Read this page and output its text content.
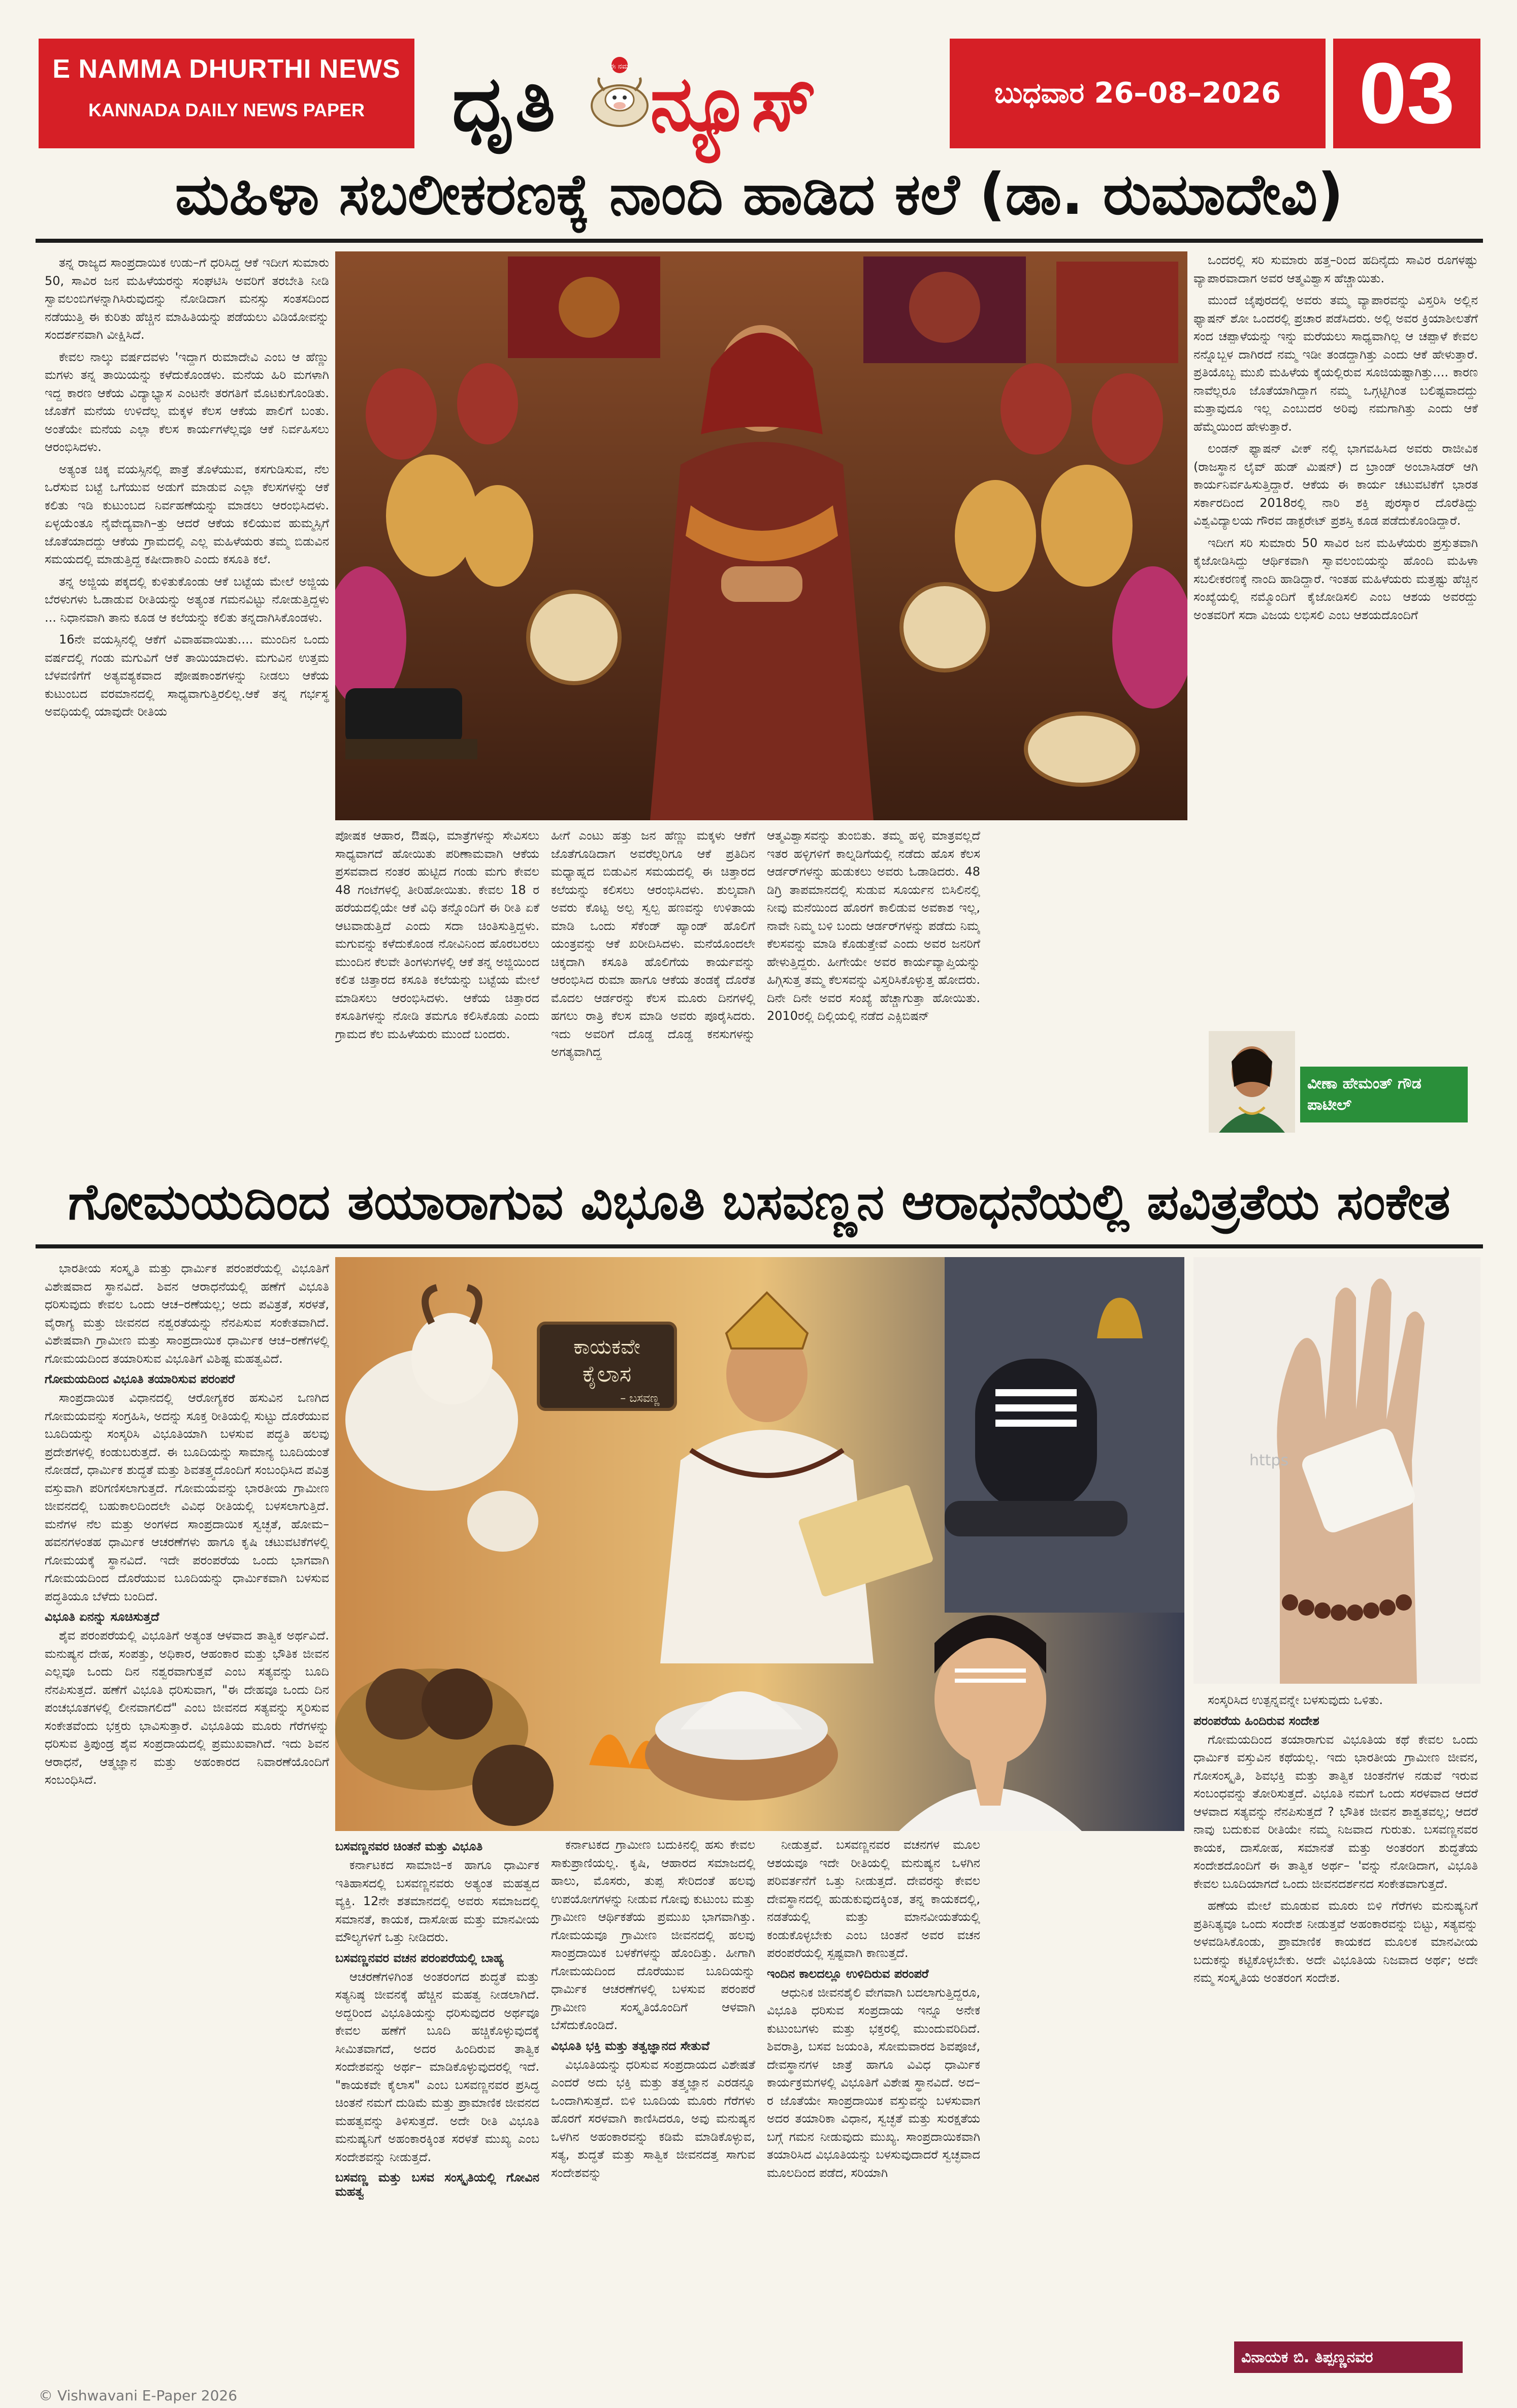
E NAMMA DHURTHI NEWS
KANNADA DAILY NEWS PAPER	ಧೃತಿ	ಈ ನಮ್ಮ ನ್ಯೂಸ್	ಬುಧವಾರ 26–08–2026 03
ಮಹಿಳಾ ಸಬಲೀಕರಣಕ್ಕೆ ನಾಂದಿ ಹಾಡಿದ ಕಲೆ (ಡಾ. ರುಮಾದೇವಿ)

ತನ್ನ ರಾಜ್ಯದ ಸಾಂಪ್ರದಾಯಿಕ ಉಡು–ಗೆ ಧರಿಸಿದ್ದ ಆಕೆ ಇದೀಗ ಸುಮಾರು 50, ಸಾವಿರ ಜನ ಮಹಿಳೆಯರನ್ನು ಸಂಘಟಿಸಿ ಅವರಿಗೆ ತರಬೇತಿ ನೀಡಿ ಸ್ವಾವಲಂಬಿಗಳನ್ನಾಗಿಸಿರುವುದನ್ನು ನೋಡಿದಾಗ ಮನಸ್ಸು ಸಂತಸದಿಂದ ನಡೆಯುತ್ತಿ ಈ ಕುರಿತು ಹೆಚ್ಚಿನ ಮಾಹಿತಿಯನ್ನು ಪಡೆಯಲು ವಿಡಿಯೋವನ್ನು ಸಂದರ್ಶನವಾಗಿ ವೀಕ್ಷಿಸಿದೆ.

ಕೇವಲ ನಾಲ್ಕು ವರ್ಷದವಳು 'ಇದ್ದಾಗ ರುಮಾದೇವಿ ಎಂಬ ಆ ಹೆಣ್ಣು ಮಗಳು ತನ್ನ ತಾಯಿಯನ್ನು ಕಳೆದುಕೊಂಡಳು. ಮನೆಯ ಹಿರಿ ಮಗಳಾಗಿ ಇದ್ದ ಕಾರಣ ಆಕೆಯ ವಿದ್ಯಾಭ್ಯಾಸ ಎಂಟನೇ ತರಗತಿಗೆ ಮೊಟಕುಗೊಂಡಿತು. ಜೊತೆಗೆ ಮನೆಯ ಉಳಿದೆಲ್ಲ ಮಕ್ಕಳ ಕೆಲಸ ಆಕೆಯ ಪಾಲಿಗೆ ಬಂತು. ಅಂತೆಯೇ ಮನೆಯ ಎಲ್ಲಾ ಕೆಲಸ ಕಾರ್ಯಗಳೆಲ್ಲವೂ ಆಕೆ ನಿರ್ವಹಿಸಲು ಆರಂಭಿಸಿದಳು.

ಅತ್ಯಂತ ಚಿಕ್ಕ ವಯಸ್ಸಿನಲ್ಲಿ ಪಾತ್ರೆ ತೊಳೆಯುವ, ಕಸಗುಡಿಸುವ, ನೆಲ ಒರೆಸುವ ಬಟ್ಟೆ ಒಗೆಯುವ ಅಡುಗೆ ಮಾಡುವ ಎಲ್ಲಾ ಕೆಲಸಗಳನ್ನು ಆಕೆ ಕಲಿತು ಇಡಿ ಕುಟುಂಬದ ನಿರ್ವಹಣೆಯನ್ನು ಮಾಡಲು ಆರಂಭಿಸಿದಳು. ಏಳ್ಳಯೆಂತೂ ನೈವೇದ್ಯವಾಗಿ–ತ್ತು ಆದರೆ ಆಕೆಯ ಕಲಿಯುವ ಹುಮ್ಮಸ್ಸಿಗೆ ಜೊತೆಯಾದದ್ದು ಆಕೆಯ ಗ್ರಾಮದಲ್ಲಿ ಎಲ್ಲ ಮಹಿಳೆಯರು ತಮ್ಮ ಬಿಡುವಿನ ಸಮಯದಲ್ಲಿ ಮಾಡುತ್ತಿದ್ದ ಕಷೀದಾಕಾರಿ ಎಂದು ಕಸೂತಿ ಕಲೆ.

ತನ್ನ ಅಜ್ಜಿಯ ಪಕ್ಕದಲ್ಲಿ ಕುಳಿತುಕೊಂಡು ಆಕೆ ಬಟ್ಟೆಯ ಮೇಲೆ ಅಜ್ಜಿಯ ಬೆರಳುಗಳು ಓಡಾಡುವ ರೀತಿಯನ್ನು ಅತ್ಯಂತ ಗಮನವಿಟ್ಟು ನೋಡುತ್ತಿದ್ದಳು ... ನಿಧಾನವಾಗಿ ತಾನು ಕೂಡ ಆ ಕಲೆಯನ್ನು ಕಲಿತು ತನ್ನದಾಗಿಸಿಕೊಂಡಳು.

16ನೇ ವಯಸ್ಸಿನಲ್ಲಿ ಆಕೆಗೆ ವಿವಾಹವಾಯಿತು.... ಮುಂದಿನ ಒಂದು ವರ್ಷದಲ್ಲಿ ಗಂಡು ಮಗುವಿಗೆ ಆಕೆ ತಾಯಿಯಾದಳು. ಮಗುವಿನ ಉತ್ತಮ ಬೆಳವಣಿಗೆಗೆ ಅತ್ಯವಶ್ಯಕವಾದ ಪೋಷಕಾಂಶಗಳನ್ನು ನೀಡಲು ಆಕೆಯ ಕುಟುಂಬದ ವರಮಾನದಲ್ಲಿ ಸಾಧ್ಯವಾಗುತ್ತಿರಲಿಲ್ಲ.ಆಕೆ ತನ್ನ ಗರ್ಭಸ್ಥ ಅವಧಿಯಲ್ಲಿ ಯಾವುದೇ ರೀತಿಯ

ಪೋಷಕ ಆಹಾರ, ಔಷಧಿ, ಮಾತ್ರೆಗಳನ್ನು ಸೇವಿಸಲು ಸಾಧ್ಯವಾಗದೆ ಹೋಯಿತು ಪರಿಣಾಮವಾಗಿ ಆಕೆಯ ಪ್ರಸವವಾದ ನಂತರ ಹುಟ್ಟಿದ ಗಂಡು ಮಗು ಕೇವಲ 48 ಗಂಟೆಗಳಲ್ಲಿ ತೀರಿಹೋಯಿತು. ಕೇವಲ 18 ರ ಹರೆಯದಲ್ಲಿಯೇ ಆಕೆ ವಿಧಿ ತನ್ನೊಂದಿಗೆ ಈ ರೀತಿ ಏಕೆ ಆಟವಾಡುತ್ತಿದೆ ಎಂದು ಸದಾ ಚಿಂತಿಸುತ್ತಿದ್ದಳು. ಮಗುವನ್ನು ಕಳೆದುಕೊಂಡ ನೋವಿನಿಂದ ಹೊರಬರಲು ಮುಂದಿನ ಕೆಲವೇ ತಿಂಗಳುಗಳಲ್ಲಿ ಆಕೆ ತನ್ನ ಅಜ್ಜಿಯಿಂದ ಕಲಿತ ಚಿತ್ತಾರದ ಕಸೂತಿ ಕಲೆಯನ್ನು ಬಟ್ಟೆಯ ಮೇಲೆ ಮಾಡಿಸಲು ಆರಂಭಿಸಿದಳು. ಆಕೆಯ ಚಿತ್ತಾರದ ಕಸೂತಿಗಳನ್ನು ನೋಡಿ ತಮಗೂ ಕಲಿಸಿಕೊಡು ಎಂದು ಗ್ರಾಮದ ಕೆಲ ಮಹಿಳೆಯರು ಮುಂದೆ ಬಂದರು.
ಹೀಗೆ ಎಂಟು ಹತ್ತು ಜನ ಹೆಣ್ಣು ಮಕ್ಕಳು ಆಕೆಗೆ ಜೊತೆಗೂಡಿದಾಗ ಅವರೆಲ್ಲರಿಗೂ ಆಕೆ ಪ್ರತಿದಿನ ಮಧ್ಯಾಹ್ನದ ಬಿಡುವಿನ ಸಮಯದಲ್ಲಿ ಈ ಚಿತ್ತಾರದ ಕಲೆಯನ್ನು ಕಲಿಸಲು ಆರಂಭಿಸಿದಳು. ಶುಲ್ಕವಾಗಿ ಅವರು ಕೊಟ್ಟ ಅಲ್ಪ ಸ್ವಲ್ಪ ಹಣವನ್ನು ಉಳಿತಾಯ ಮಾಡಿ ಒಂದು ಸೆಕೆಂಡ್ ಹ್ಯಾಂಡ್ ಹೊಲಿಗೆ ಯಂತ್ರವನ್ನು ಆಕೆ ಖರೀದಿಸಿದಳು. ಮನೆಯೊಂದಲೇ ಚಿಕ್ಕದಾಗಿ ಕಸೂತಿ ಹೊಲಿಗೆಯ ಕಾರ್ಯವನ್ನು ಆರಂಭಿಸಿದ ರುಮಾ ಹಾಗೂ ಆಕೆಯ ತಂಡಕ್ಕೆ ದೊರೆತ ಮೊದಲ ಆರ್ಡರನ್ನು ಕೆಲಸ ಮೂರು ದಿನಗಳಲ್ಲಿ ಹಗಲು ರಾತ್ರಿ ಕೆಲಸ ಮಾಡಿ ಅವರು ಪೂರೈಸಿದರು. ಇದು ಅವರಿಗೆ ದೊಡ್ಡ ದೊಡ್ಡ ಕನಸುಗಳನ್ನು ಅಗತ್ಯವಾಗಿದ್ದ
ಆತ್ಮವಿಶ್ವಾಸವನ್ನು ತುಂಬಿತು. ತಮ್ಮ ಹಳ್ಳಿ ಮಾತ್ರವಲ್ಲದೆ ಇತರ ಹಳ್ಳಿಗಳಿಗೆ ಕಾಲ್ನಡಿಗೆಯಲ್ಲಿ ನಡೆದು ಹೊಸ ಕೆಲಸ ಆರ್ಡರ್‌ಗಳನ್ನು ಹುಡುಕಲು ಅವರು ಓಡಾಡಿದರು. 48 ಡಿಗ್ರಿ ತಾಪಮಾನದಲ್ಲಿ ಸುಡುವ ಸೂರ್ಯನ ಬಿಸಿಲಿನಲ್ಲಿ ನೀವು ಮನೆಯಿಂದ ಹೊರಗೆ ಕಾಲಿಡುವ ಅವಕಾಶ ಇಲ್ಲ, ನಾವೇ ನಿಮ್ಮ ಬಳಿ ಬಂದು ಆರ್ಡರ್‌ಗಳನ್ನು ಪಡೆದು ನಿಮ್ಮ ಕೆಲಸವನ್ನು ಮಾಡಿ ಕೊಡುತ್ತೇವೆ ಎಂದು ಅವರ ಜನರಿಗೆ ಹೇಳುತ್ತಿದ್ದರು. ಹೀಗೇಯೇ ಅವರ ಕಾರ್ಯವ್ಯಾಪ್ತಿಯನ್ನು ಹಿಗ್ಗಿಸುತ್ತ ತಮ್ಮ ಕೆಲಸವನ್ನು ವಿಸ್ತರಿಸಿಕೊಳ್ಳುತ್ತ ಹೋದರು. ದಿನೇ ದಿನೇ ಅವರ ಸಂಖ್ಯೆ ಹೆಚ್ಚಾಗುತ್ತಾ ಹೋಯಿತು. 2010ರಲ್ಲಿ ದಿಲ್ಲಿಯಲ್ಲಿ ನಡೆದ ಎಕ್ಸಿಬಿಷನ್

ಒಂದರಲ್ಲಿ ಸರಿ ಸುಮಾರು ಹತ್ತ–ರಿಂದ ಹದಿನೈದು ಸಾವಿರ ರೂಗಳಷ್ಟು ವ್ಯಾಪಾರವಾದಾಗ ಅವರ ಆತ್ಮವಿಶ್ವಾಸ ಹೆಚ್ಚಾಯಿತು.

ಮುಂದೆ ಜೈಪುರದಲ್ಲಿ ಅವರು ತಮ್ಮ ವ್ಯಾಪಾರವನ್ನು ವಿಸ್ತರಿಸಿ ಅಲ್ಲಿನ ಫ್ಯಾಷನ್ ಶೋ ಒಂದರಲ್ಲಿ ಪ್ರಚಾರ ಪಡೆಸಿದರು. ಅಲ್ಲಿ ಅವರ ಕ್ರಿಯಾಶೀಲತೆಗೆ ಸಂದ ಚಪ್ಪಾಳೆಯನ್ನು ಇನ್ನು ಮರೆಯಲು ಸಾಧ್ಯವಾಗಿಲ್ಲ ಆ ಚಪ್ಪಾಳೆ ಕೇವಲ ನನ್ನೊಬ್ಬಳ ದಾಗಿರದೆ ನಮ್ಮ ಇಡೀ ತಂಡದ್ದಾಗಿತ್ತು ಎಂದು ಆಕೆ ಹೇಳುತ್ತಾರೆ. ಪ್ರತಿಯೊಬ್ಬ ಮುಖಿ ಮಹಿಳೆಯ ಕೈಯಲ್ಲಿರುವ ಸೂಜಿಯಷ್ಟಾಗಿತ್ತು.... ಕಾರಣ ನಾವೆಲ್ಲರೂ ಜೊತೆಯಾಗಿದ್ದಾಗ ನಮ್ಮ ಒಗ್ಗಟ್ಟಿಗಿಂತ ಬಲಿಷ್ಟವಾದದ್ದು ಮತ್ತಾವುದೂ ಇಲ್ಲ ಎಂಬುದರ ಅರಿವು ನಮಗಾಗಿತ್ತು ಎಂದು ಆಕೆ ಹೆಮ್ಮೆಯಿಂದ ಹೇಳುತ್ತಾರೆ.

ಲಂಡನ್ ಫ್ಯಾಷನ್ ವೀಕ್ ನಲ್ಲಿ ಭಾಗವಹಿಸಿದ ಅವರು ರಾಜೀವಿಕ (ರಾಜಸ್ಥಾನ ಲೈವ್ ಹುಡ್ ಮಿಷನ್) ದ ಬ್ರಾಂಡ್ ಅಂಬಾಸಿಡರ್ ಆಗಿ ಕಾರ್ಯನಿರ್ವಹಿಸುತ್ತಿದ್ದಾರೆ. ಆಕೆಯ ಈ ಕಾರ್ಯ ಚಟುವಟಿಕೆಗೆ ಭಾರತ ಸರ್ಕಾರದಿಂದ 2018ರಲ್ಲಿ ನಾರಿ ಶಕ್ತಿ ಪುರಸ್ಕಾರ ದೊರೆತಿದ್ದು ವಿಶ್ವವಿದ್ಯಾಲಯ ಗೌರವ ಡಾಕ್ಟರೇಟ್ ಪ್ರಶಸ್ತಿ ಕೂಡ ಪಡೆದುಕೊಂಡಿದ್ದಾರೆ.

ಇದೀಗ ಸರಿ ಸುಮಾರು 50 ಸಾವಿರ ಜನ ಮಹಿಳೆಯರು ಪ್ರಸ್ತುತವಾಗಿ ಕೈಜೋಡಿಸಿದ್ದು ಆರ್ಥಿಕವಾಗಿ ಸ್ವಾವಲಂಬಿಯನ್ನು ಹೊಂದಿ ಮಹಿಳಾ ಸಬಲೀಕರಣಕ್ಕೆ ನಾಂದಿ ಹಾಡಿದ್ದಾರೆ. ಇಂತಹ ಮಹಿಳೆಯರು ಮತ್ತಷ್ಟು ಹೆಚ್ಚಿನ ಸಂಖ್ಯೆಯಲ್ಲಿ ನಮ್ಮೊಂದಿಗೆ ಕೈಜೋಡಿಸಲಿ ಎಂಬ ಆಶಯ ಅವರದ್ದು ಅಂತವರಿಗೆ ಸದಾ ವಿಜಯ ಲಭಿಸಲಿ ಎಂಬ ಆಶಯದೊಂದಿಗೆ

ವೀಣಾ ಹೇಮಂತ್ ಗೌಡ ಪಾಟೀಲ್
ಗೋಮಯದಿಂದ ತಯಾರಾಗುವ ವಿಭೂತಿ ಬಸವಣ್ಣನ ಆರಾಧನೆಯಲ್ಲಿ ಪವಿತ್ರತೆಯ ಸಂಕೇತ

ಭಾರತೀಯ ಸಂಸ್ಕೃತಿ ಮತ್ತು ಧಾರ್ಮಿಕ ಪರಂಪರೆಯಲ್ಲಿ ವಿಭೂತಿಗೆ ವಿಶೇಷವಾದ ಸ್ಥಾನವಿದೆ. ಶಿವನ ಆರಾಧನೆಯಲ್ಲಿ ಹಣೆಗೆ ವಿಭೂತಿ ಧರಿಸುವುದು ಕೇವಲ ಒಂದು ಆಚ–ರಣೆಯಲ್ಲ; ಅದು ಪವಿತ್ರತೆ, ಸರಳತೆ, ವೈರಾಗ್ಯ ಮತ್ತು ಜೀವನದ ನಶ್ವರತೆಯನ್ನು ನೆನಪಿಸುವ ಸಂಕೇತವಾಗಿದೆ. ವಿಶೇಷವಾಗಿ ಗ್ರಾಮೀಣ ಮತ್ತು ಸಾಂಪ್ರದಾಯಿಕ ಧಾರ್ಮಿಕ ಆಚ–ರಣೆಗಳಲ್ಲಿ ಗೋಮಯದಿಂದ ತಯಾರಿಸುವ ವಿಭೂತಿಗೆ ವಿಶಿಷ್ಟ ಮಹತ್ವವಿದೆ.

ಗೋಮಯದಿಂದ ವಿಭೂತಿ ತಯಾರಿಸುವ ಪರಂಪರೆ

ಸಾಂಪ್ರದಾಯಿಕ ವಿಧಾನದಲ್ಲಿ ಆರೋಗ್ಯಕರ ಹಸುವಿನ ಒಣಗಿದ ಗೋಮಯವನ್ನು ಸಂಗ್ರಹಿಸಿ, ಅದನ್ನು ಸೂಕ್ತ ರೀತಿಯಲ್ಲಿ ಸುಟ್ಟು ದೊರೆಯುವ ಬೂದಿಯನ್ನು ಸಂಸ್ಕರಿಸಿ ವಿಭೂತಿಯಾಗಿ ಬಳಸುವ ಪದ್ಧತಿ ಹಲವು ಪ್ರದೇಶಗಳಲ್ಲಿ ಕಂಡುಬರುತ್ತದೆ. ಈ ಬೂದಿಯನ್ನು ಸಾಮಾನ್ಯ ಬೂದಿಯಂತೆ ನೋಡದೆ, ಧಾರ್ಮಿಕ ಶುದ್ಧತೆ ಮತ್ತು ಶಿವತತ್ತ್ವದೊಂದಿಗೆ ಸಂಬಂಧಿಸಿದ ಪವಿತ್ರ ವಸ್ತುವಾಗಿ ಪರಿಗಣಿಸಲಾಗುತ್ತದೆ. ಗೋಮಯವನ್ನು ಭಾರತೀಯ ಗ್ರಾಮೀಣ ಜೀವನದಲ್ಲಿ ಬಹುಕಾಲದಿಂದಲೇ ವಿವಿಧ ರೀತಿಯಲ್ಲಿ ಬಳಸಲಾಗುತ್ತಿದೆ. ಮನೆಗಳ ನೆಲ ಮತ್ತು ಅಂಗಳದ ಸಾಂಪ್ರದಾಯಿಕ ಸ್ವಚ್ಛತೆ, ಹೋಮ–ಹವನಗಳಂತಹ ಧಾರ್ಮಿಕ ಆಚರಣೆಗಳು ಹಾಗೂ ಕೃಷಿ ಚಟುವಟಿಕೆಗಳಲ್ಲಿ ಗೋಮಯಕ್ಕೆ ಸ್ಥಾನವಿದೆ. ಇದೇ ಪರಂಪರೆಯ ಒಂದು ಭಾಗವಾಗಿ ಗೋಮಯದಿಂದ ದೊರೆಯುವ ಬೂದಿಯನ್ನು ಧಾರ್ಮಿಕವಾಗಿ ಬಳಸುವ ಪದ್ಧತಿಯೂ ಬೆಳೆದು ಬಂದಿದೆ.

ವಿಭೂತಿ ಏನನ್ನು ಸೂಚಿಸುತ್ತದೆ

ಶೈವ ಪರಂಪರೆಯಲ್ಲಿ ವಿಭೂತಿಗೆ ಅತ್ಯಂತ ಆಳವಾದ ತಾತ್ವಿಕ ಅರ್ಥವಿದೆ. ಮನುಷ್ಯನ ದೇಹ, ಸಂಪತ್ತು, ಅಧಿಕಾರ, ಆಹಂಕಾರ ಮತ್ತು ಭೌತಿಕ ಜೀವನ ಎಲ್ಲವೂ ಒಂದು ದಿನ ನಶ್ವರವಾಗುತ್ತವೆ ಎಂಬ ಸತ್ಯವನ್ನು ಬೂದಿ ನೆನಪಿಸುತ್ತದೆ. ಹಣೆಗೆ ವಿಭೂತಿ ಧರಿಸುವಾಗ, "ಈ ದೇಹವೂ ಒಂದು ದಿನ ಪಂಚಭೂತಗಳಲ್ಲಿ ಲೀನವಾಗಲಿದೆ" ಎಂಬ ಜೀವನದ ಸತ್ಯವನ್ನು ಸ್ಮರಿಸುವ ಸಂಕೇತವೆಂದು ಭಕ್ತರು ಭಾವಿಸುತ್ತಾರೆ. ವಿಭೂತಿಯ ಮೂರು ಗೆರೆಗಳನ್ನು ಧರಿಸುವ ತ್ರಿಪುಂಡ್ರ ಶೈವ ಸಂಪ್ರದಾಯದಲ್ಲಿ ಪ್ರಮುಖವಾಗಿದೆ. ಇದು ಶಿವನ ಆರಾಧನೆ, ಆತ್ಮಜ್ಞಾನ ಮತ್ತು ಅಹಂಕಾರದ ನಿವಾರಣೆಯೊಂದಿಗೆ ಸಂಬಂಧಿಸಿದೆ.

ಕಾಯಕವೇ
ಕೈಲಾಸ
– ಬಸವಣ್ಣ
https
ಬಸವಣ್ಣನವರ ಚಿಂತನೆ ಮತ್ತು ವಿಭೂತಿ

ಕರ್ನಾಟಕದ ಸಾಮಾಜಿ–ಕ ಹಾಗೂ ಧಾರ್ಮಿಕ ಇತಿಹಾಸದಲ್ಲಿ ಬಸವಣ್ಣನವರು ಅತ್ಯಂತ ಮಹತ್ವದ ವ್ಯಕ್ತಿ. 12ನೇ ಶತಮಾನದಲ್ಲಿ ಅವರು ಸಮಾಜದಲ್ಲಿ ಸಮಾನತೆ, ಕಾಯಕ, ದಾಸೋಹ ಮತ್ತು ಮಾನವೀಯ ಮೌಲ್ಯಗಳಿಗೆ ಒತ್ತು ನೀಡಿದರು.

ಬಸವಣ್ಣನವರ ವಚನ ಪರಂಪರೆಯಲ್ಲಿ ಬಾಹ್ಯ

ಆಚರಣೆಗಳಿಗಿಂತ ಅಂತರಂಗದ ಶುದ್ಧತೆ ಮತ್ತು ಸತ್ಯನಿಷ್ಠ ಜೀವನಕ್ಕೆ ಹೆಚ್ಚಿನ ಮಹತ್ವ ನೀಡಲಾಗಿದೆ. ಅದ್ದರಿಂದ ವಿಭೂತಿಯನ್ನು ಧರಿಸುವುದರ ಅರ್ಥವೂ ಕೇವಲ ಹಣೆಗೆ ಬೂದಿ ಹಚ್ಚಿಕೊಳ್ಳುವುದಕ್ಕೆ ಸೀಮಿತವಾಗದೆ, ಅದರ ಹಿಂದಿರುವ ತಾತ್ವಿಕ ಸಂದೇಶವನ್ನು ಅರ್ಥ– ಮಾಡಿಕೊಳ್ಳುವುದರಲ್ಲಿ ಇದೆ. "ಕಾಯಕವೇ ಕೈಲಾಸ" ಎಂಬ ಬಸವಣ್ಣನವರ ಪ್ರಸಿದ್ಧ ಚಿಂತನೆ ನಮಗೆ ದುಡಿಮೆ ಮತ್ತು ಪ್ರಾಮಾಣಿಕ ಜೀವನದ ಮಹತ್ವವನ್ನು ತಿಳಿಸುತ್ತದೆ. ಅದೇ ರೀತಿ ವಿಭೂತಿ ಮನುಷ್ಯನಿಗೆ ಅಹಂಕಾರಕ್ಕಿಂತ ಸರಳತೆ ಮುಖ್ಯ ಎಂಬ ಸಂದೇಶವನ್ನು ನೀಡುತ್ತದೆ.

ಬಸವಣ್ಣ ಮತ್ತು ಬಸವ ಸಂಸ್ಕೃತಿಯಲ್ಲಿ ಗೋವಿನ ಮಹತ್ವ

ಕರ್ನಾಟಕದ ಗ್ರಾಮೀಣ ಬದುಕಿನಲ್ಲಿ ಹಸು ಕೇವಲ ಸಾಕುಪ್ರಾಣಿಯಲ್ಲ. ಕೃಷಿ, ಆಹಾರದ ಸಮಾಜದಲ್ಲಿ ಹಾಲು, ಮೊಸರು, ತುಪ್ಪ ಸೇರಿದಂತೆ ಹಲವು ಉಪಯೋಗಗಳನ್ನು ನೀಡುವ ಗೋವು ಕುಟುಂಬ ಮತ್ತು ಗ್ರಾಮೀಣ ಆರ್ಥಿಕತೆಯ ಪ್ರಮುಖ ಭಾಗವಾಗಿತ್ತು. ಗೋಮಯವೂ ಗ್ರಾಮೀಣ ಜೀವನದಲ್ಲಿ ಹಲವು ಸಾಂಪ್ರದಾಯಿಕ ಬಳಕೆಗಳನ್ನು ಹೊಂದಿತ್ತು. ಹೀಗಾಗಿ ಗೋಮಯದಿಂದ ದೊರೆಯುವ ಬೂದಿಯನ್ನು ಧಾರ್ಮಿಕ ಆಚರಣೆಗಳಲ್ಲಿ ಬಳಸುವ ಪರಂಪರೆ ಗ್ರಾಮೀಣ ಸಂಸ್ಕೃತಿಯೊಂದಿಗೆ ಆಳವಾಗಿ ಬೆಸೆದುಕೊಂಡಿದೆ.

ವಿಭೂತಿ ಭಕ್ತಿ ಮತ್ತು ತತ್ವಜ್ಞಾನದ ಸೇತುವೆ

ವಿಭೂತಿಯನ್ನು ಧರಿಸುವ ಸಂಪ್ರದಾಯದ ವಿಶೇಷತೆ ಎಂದರೆ ಅದು ಭಕ್ತಿ ಮತ್ತು ತತ್ತ್ವಜ್ಞಾನ ಎರಡನ್ನೂ ಒಂದಾಗಿಸುತ್ತದೆ. ಬಿಳಿ ಬೂದಿಯ ಮೂರು ಗೆರೆಗಳು ಹೊರಗೆ ಸರಳವಾಗಿ ಕಾಣಿಸಿದರೂ, ಅವು ಮನುಷ್ಯನ ಒಳಗಿನ ಅಹಂಕಾರವನ್ನು ಕಡಿಮೆ ಮಾಡಿಕೊಳ್ಳುವ, ಸತ್ಯ, ಶುದ್ಧತೆ ಮತ್ತು ಸಾತ್ವಿಕ ಜೀವನದತ್ತ ಸಾಗುವ ಸಂದೇಶವನ್ನು

ನೀಡುತ್ತವೆ. ಬಸವಣ್ಣನವರ ವಚನಗಳ ಮೂಲ ಆಶಯವೂ ಇದೇ ರೀತಿಯಲ್ಲಿ ಮನುಷ್ಯನ ಒಳಗಿನ ಪರಿವರ್ತನೆಗೆ ಒತ್ತು ನೀಡುತ್ತದೆ. ದೇವರನ್ನು ಕೇವಲ ದೇವಸ್ಥಾನದಲ್ಲಿ ಹುಡುಕುವುದಕ್ಕಿಂತ, ತನ್ನ ಕಾಯಕದಲ್ಲಿ, ನಡತೆಯಲ್ಲಿ ಮತ್ತು ಮಾನವೀಯತೆಯಲ್ಲಿ ಕಂಡುಕೊಳ್ಳಬೇಕು ಎಂಬ ಚಿಂತನೆ ಅವರ ವಚನ ಪರಂಪರೆಯಲ್ಲಿ ಸ್ಪಷ್ಟವಾಗಿ ಕಾಣುತ್ತದೆ.

ಇಂದಿನ ಕಾಲದಲ್ಲೂ ಉಳಿದಿರುವ ಪರಂಪರೆ

ಆಧುನಿಕ ಜೀವನಶೈಲಿ ವೇಗವಾಗಿ ಬದಲಾಗುತ್ತಿದ್ದರೂ, ವಿಭೂತಿ ಧರಿಸುವ ಸಂಪ್ರದಾಯ ಇನ್ನೂ ಅನೇಕ ಕುಟುಂಬಗಳು ಮತ್ತು ಭಕ್ತರಲ್ಲಿ ಮುಂದುವರಿದಿದೆ. ಶಿವರಾತ್ರಿ, ಬಸವ ಜಯಂತಿ, ಸೋಮವಾರದ ಶಿವಪೂಜೆ, ದೇವಸ್ಥಾನಗಳ ಜಾತ್ರೆ ಹಾಗೂ ವಿವಿಧ ಧಾರ್ಮಿಕ ಕಾರ್ಯಕ್ರಮಗಳಲ್ಲಿ ವಿಭೂತಿಗೆ ವಿಶೇಷ ಸ್ಥಾನವಿದೆ. ಅದ–ರ ಜೊತೆಯೇ ಸಾಂಪ್ರದಾಯಿಕ ವಸ್ತುವನ್ನು ಬಳಸುವಾಗ ಅದರ ತಯಾರಿಕಾ ವಿಧಾನ, ಸ್ವಚ್ಛತೆ ಮತ್ತು ಸುರಕ್ಷತೆಯ ಬಗ್ಗೆ ಗಮನ ನೀಡುವುದು ಮುಖ್ಯ. ಸಾಂಪ್ರದಾಯಿಕವಾಗಿ ತಯಾರಿಸಿದ ವಿಭೂತಿಯನ್ನು ಬಳಸುವುದಾದರೆ ಸ್ವಚ್ಛವಾದ ಮೂಲದಿಂದ ಪಡೆದ, ಸರಿಯಾಗಿ

ಸಂಸ್ಕರಿಸಿದ ಉತ್ಪನ್ನವನ್ನೇ ಬಳಸುವುದು ಒಳಿತು.

ಪರಂಪರೆಯ ಹಿಂದಿರುವ ಸಂದೇಶ

ಗೋಮಯದಿಂದ ತಯಾರಾಗುವ ವಿಭೂತಿಯ ಕಥೆ ಕೇವಲ ಒಂದು ಧಾರ್ಮಿಕ ವಸ್ತುವಿನ ಕಥೆಯಲ್ಲ. ಇದು ಭಾರತೀಯ ಗ್ರಾಮೀಣ ಜೀವನ, ಗೋಸಂಸ್ಕೃತಿ, ಶಿವಭಕ್ತಿ ಮತ್ತು ತಾತ್ವಿಕ ಚಿಂತನೆಗಳ ನಡುವೆ ಇರುವ ಸಂಬಂಧವನ್ನು ತೋರಿಸುತ್ತದೆ. ವಿಭೂತಿ ನಮಗೆ ಒಂದು ಸರಳವಾದ ಆದರೆ ಆಳವಾದ ಸತ್ಯವನ್ನು ನೆನಪಿಸುತ್ತದೆ ? ಭೌತಿಕ ಜೀವನ ಶಾಶ್ವತವಲ್ಲ; ಆದರೆ ನಾವು ಬದುಕುವ ರೀತಿಯೇ ನಮ್ಮ ನಿಜವಾದ ಗುರುತು. ಬಸವಣ್ಣನವರ ಕಾಯಕ, ದಾಸೋಹ, ಸಮಾನತೆ ಮತ್ತು ಅಂತರಂಗ ಶುದ್ಧತೆಯ ಸಂದೇಶದೊಂದಿಗೆ ಈ ತಾತ್ವಿಕ ಅರ್ಥ– 'ವನ್ನು ನೋಡಿದಾಗ, ವಿಭೂತಿ ಕೇವಲ ಬೂದಿಯಾಗದೆ ಒಂದು ಜೀವನದರ್ಶನದ ಸಂಕೇತವಾಗುತ್ತದೆ.

ಹಣೆಯ ಮೇಲೆ ಮೂಡುವ ಮೂರು ಬಿಳಿ ಗೆರೆಗಳು ಮನುಷ್ಯನಿಗೆ ಪ್ರತಿನಿತ್ಯವೂ ಒಂದು ಸಂದೇಶ ನೀಡುತ್ತವೆ ಅಹಂಕಾರವನ್ನು ಬಿಟ್ಟು, ಸತ್ಯವನ್ನು ಅಳವಡಿಸಿಕೊಂಡು, ಪ್ರಾಮಾಣಿಕ ಕಾಯಕದ ಮೂಲಕ ಮಾನವೀಯ ಬದುಕನ್ನು ಕಟ್ಟಿಕೊಳ್ಳಬೇಕು. ಅದೇ ವಿಭೂತಿಯ ನಿಜವಾದ ಅರ್ಥ; ಅದೇ ನಮ್ಮ ಸಂಸ್ಕೃತಿಯ ಅಂತರಂಗ ಸಂದೇಶ.

ವಿನಾಯಕ ಬಿ. ತಿಪ್ಪಣ್ಣನವರ
© Vishwavani E-Paper 2026
